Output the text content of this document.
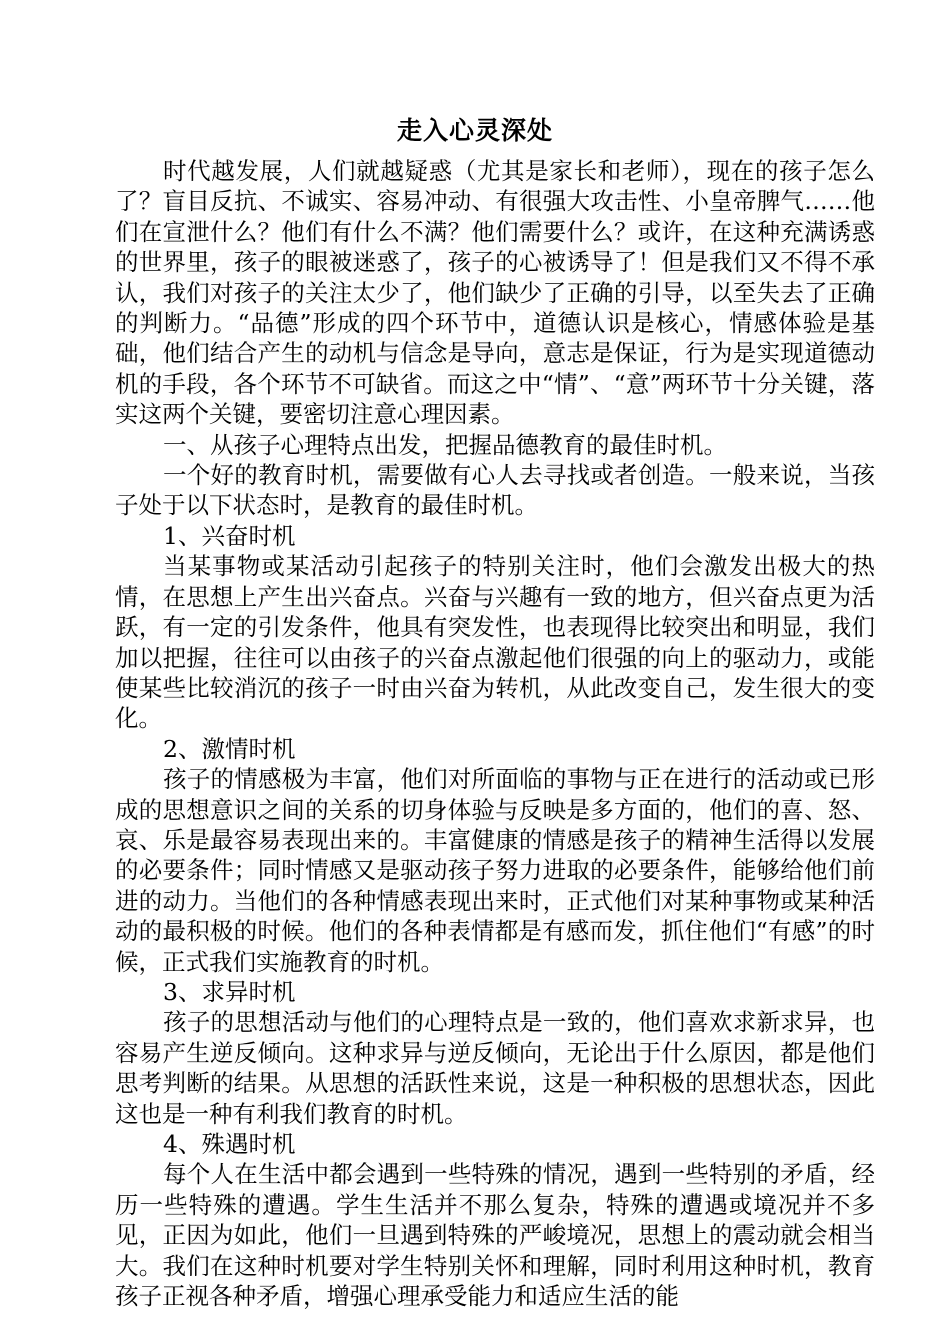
走入心灵深处

时代越发展，人们就越疑惑（尤其是家长和老师），现在的孩子怎么了？盲目反抗、不诚实、容易冲动、有很强大攻击性、小皇帝脾气……他们在宣泄什么？他们有什么不满？他们需要什么？或许，在这种充满诱惑的世界里，孩子的眼被迷惑了，孩子的心被诱导了！但是我们又不得不承认，我们对孩子的关注太少了，他们缺少了正确的引导，以至失去了正确的判断力。“品德”形成的四个环节中，道德认识是核心，情感体验是基础，他们结合产生的动机与信念是导向，意志是保证，行为是实现道德动机的手段，各个环节不可缺省。而这之中“情”、“意”两环节十分关键，落实这两个关键，要密切注意心理因素。

一、从孩子心理特点出发，把握品德教育的最佳时机。

一个好的教育时机，需要做有心人去寻找或者创造。一般来说，当孩子处于以下状态时，是教育的最佳时机。

1、兴奋时机

当某事物或某活动引起孩子的特别关注时，他们会激发出极大的热情，在思想上产生出兴奋点。兴奋与兴趣有一致的地方，但兴奋点更为活跃，有一定的引发条件，他具有突发性，也表现得比较突出和明显，我们加以把握，往往可以由孩子的兴奋点激起他们很强的向上的驱动力，或能使某些比较消沉的孩子一时由兴奋为转机，从此改变自己，发生很大的变化。

2、激情时机

孩子的情感极为丰富，他们对所面临的事物与正在进行的活动或已形成的思想意识之间的关系的切身体验与反映是多方面的，他们的喜、怒、哀、乐是最容易表现出来的。丰富健康的情感是孩子的精神生活得以发展的必要条件；同时情感又是驱动孩子努力进取的必要条件，能够给他们前进的动力。当他们的各种情感表现出来时，正式他们对某种事物或某种活动的最积极的时候。他们的各种表情都是有感而发，抓住他们“有感”的时候，正式我们实施教育的时机。

3、求异时机

孩子的思想活动与他们的心理特点是一致的，他们喜欢求新求异，也容易产生逆反倾向。这种求异与逆反倾向，无论出于什么原因，都是他们思考判断的结果。从思想的活跃性来说，这是一种积极的思想状态，因此这也是一种有利我们教育的时机。

4、殊遇时机

每个人在生活中都会遇到一些特殊的情况，遇到一些特别的矛盾，经历一些特殊的遭遇。学生生活并不那么复杂，特殊的遭遇或境况并不多见，正因为如此，他们一旦遇到特殊的严峻境况，思想上的震动就会相当大。我们在这种时机要对学生特别关怀和理解，同时利用这种时机，教育孩子正视各种矛盾，增强心理承受能力和适应生活的能
